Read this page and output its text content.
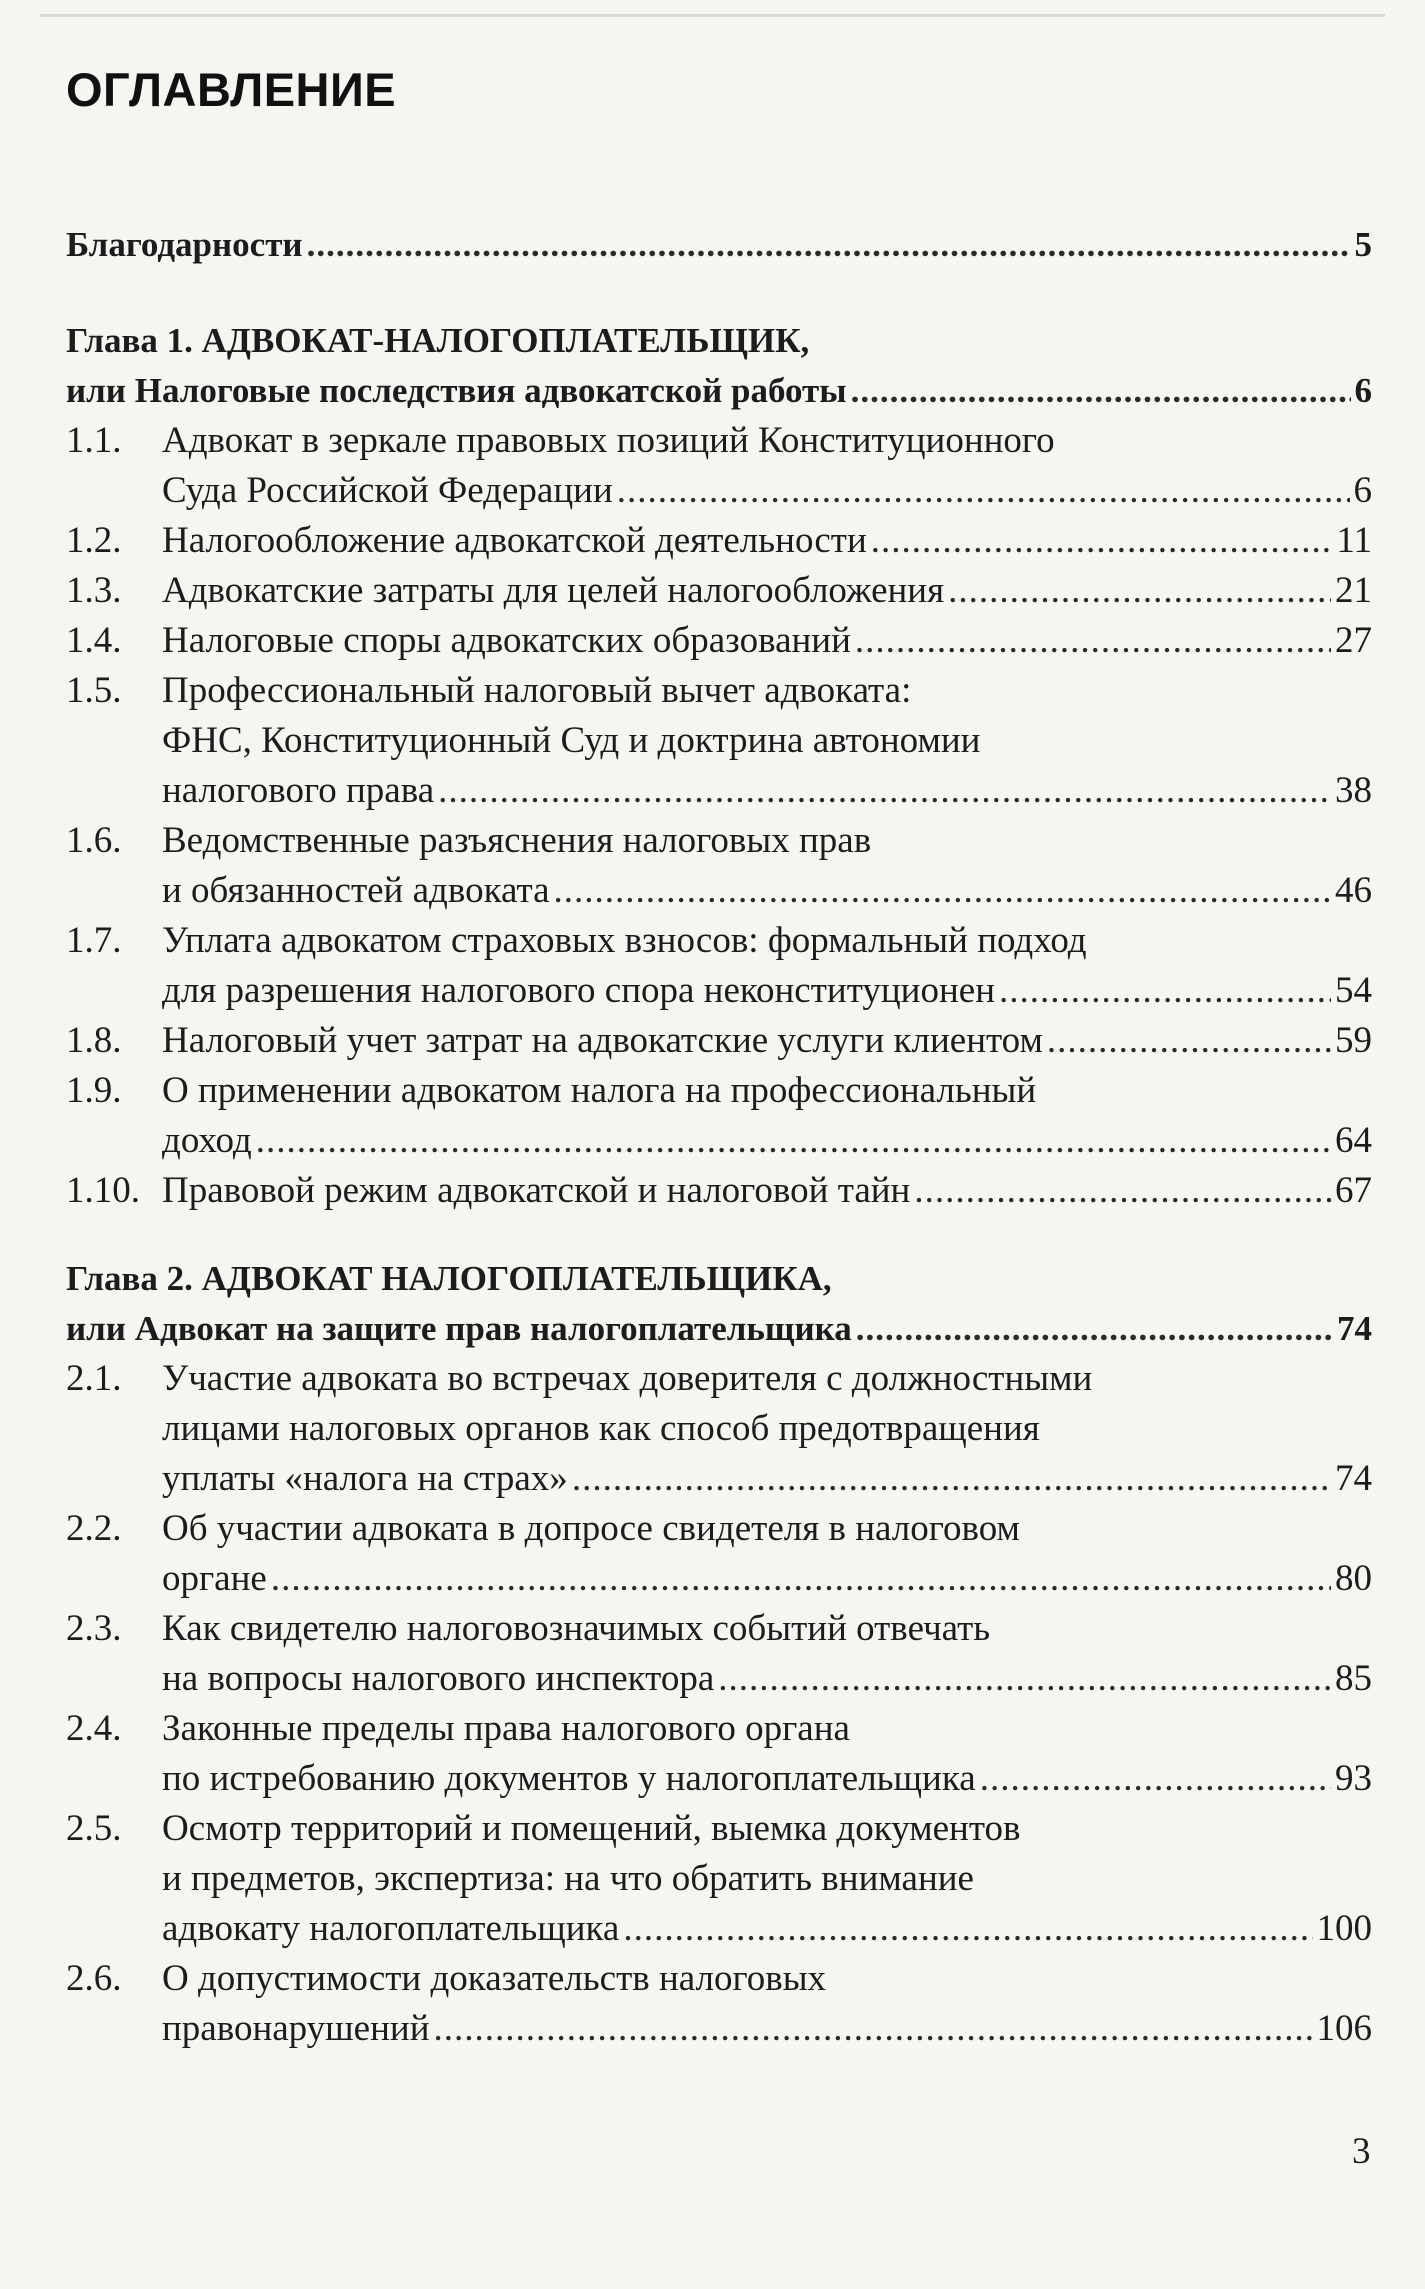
ОГЛАВЛЕНИЕ
Благодарности .....	5
Глава 1. АДВОКАТ-НАЛОГОПЛАТЕЛЬЩИК,
или Налоговые последствия адвокатской работы .....	6
1.1.	Адвокат в зеркале правовых позиций Конституционного
Суда Российской Федерации .....	6
1.2.	Налогообложение адвокатской деятельности .....	11
1.3.	Адвокатские затраты для целей налогообложения .....	21
1.4.	Налоговые споры адвокатских образований .....	27
1.5.	Профессиональный налоговый вычет адвоката:
ФНС, Конституционный Суд и доктрина автономии
налогового права .....	38
1.6.	Ведомственные разъяснения налоговых прав
и обязанностей адвоката .....	46
1.7.	Уплата адвокатом страховых взносов: формальный подход
для разрешения налогового спора неконституционен .....	54
1.8.	Налоговый учет затрат на адвокатские услуги клиентом .....	59
1.9.	О применении адвокатом налога на профессиональный
доход .....	64
1.10. Правовой режим адвокатской и налоговой тайн .....	67
Глава 2. АДВОКАТ НАЛОГОПЛАТЕЛЬЩИКА,
или Адвокат на защите прав налогоплательщика .....	74
2.1.	Участие адвоката во встречах доверителя с должностными
лицами налоговых органов как способ предотвращения
уплаты «налога на страх» .....	74
2.2.	Об участии адвоката в допросе свидетеля в налоговом
органе .....	80
2.3.	Как свидетелю налоговозначимых событий отвечать
на вопросы налогового инспектора .....	85
2.4.	Законные пределы права налогового органа
по истребованию документов у налогоплательщика .....	93
2.5.	Осмотр территорий и помещений, выемка документов
и предметов, экспертиза: на что обратить внимание
адвокату налогоплательщика .....	100
2.6.	О допустимости доказательств налоговых
правонарушений .....	106
3
